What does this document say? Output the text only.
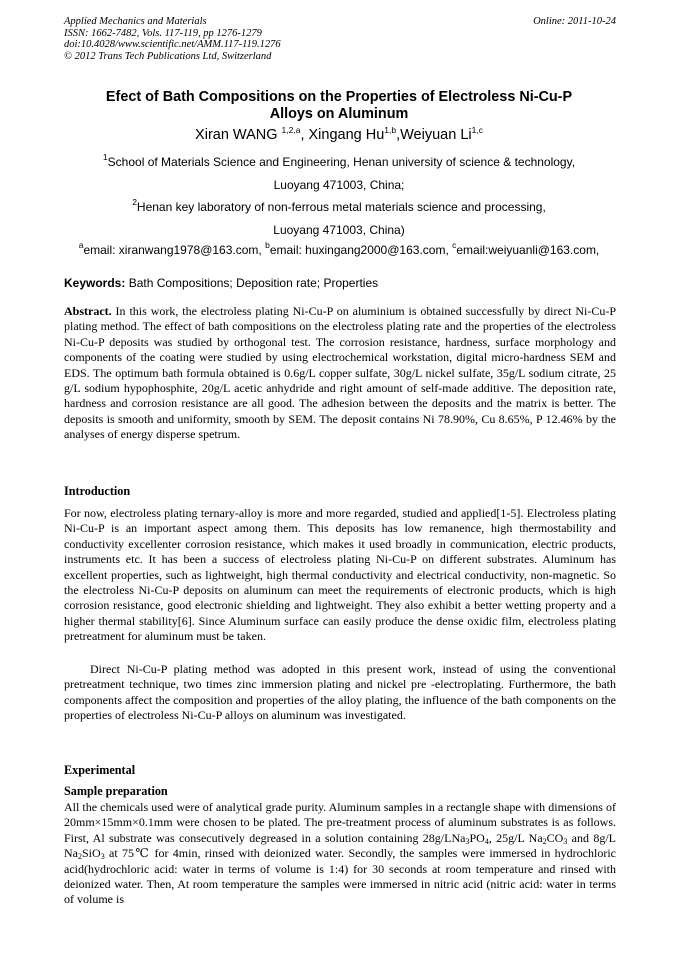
Applied Mechanics and Materials
ISSN: 1662-7482, Vols. 117-119, pp 1276-1279
doi:10.4028/www.scientific.net/AMM.117-119.1276
© 2012 Trans Tech Publications Ltd, Switzerland
Online: 2011-10-24
Efect of Bath Compositions on the Properties of Electroless Ni-Cu-P
Alloys on Aluminum
Xiran WANG $^{1,2,a}$, Xingang Hu$^{1,b}$,Weiyuan Li$^{1,c}$
$^1$School of Materials Science and Engineering, Henan university of science & technology,
Luoyang 471003, China;
$^2$Henan key laboratory of non-ferrous metal materials science and processing,
Luoyang 471003, China)
$^a$email: xiranwang1978@163.com, $^b$email: huxingang2000@163.com, $^c$email:weiyuanli@163.com,
Keywords: Bath Compositions; Deposition rate; Properties
Abstract. In this work, the electroless plating Ni-Cu-P on aluminium is obtained successfully by direct Ni-Cu-P plating method. The effect of bath compositions on the electroless plating rate and the properties of the electroless Ni-Cu-P deposits was studied by orthogonal test. The corrosion resistance, hardness, surface morphology and components of the coating were studied by using electrochemical workstation, digital micro-hardness SEM and EDS. The optimum bath formula obtained is 0.6g/L copper sulfate, 30g/L nickel sulfate, 35g/L sodium citrate, 25 g/L sodium hypophosphite, 20g/L acetic anhydride and right amount of self-made additive. The deposition rate, hardness and corrosion resistance are all good. The adhesion between the deposits and the matrix is better. The deposits is smooth and uniformity, smooth by SEM. The deposit contains Ni 78.90%, Cu 8.65%, P 12.46% by the analyses of energy disperse spetrum.
Introduction
For now, electroless plating ternary-alloy is more and more regarded, studied and applied[1-5]. Electroless plating Ni-Cu-P is an important aspect among them. This deposits has low remanence, high thermostability and conductivity excellenter corrosion resistance, which makes it used broadly in communication, electric products, instruments etc. It has been a success of electroless plating Ni-Cu-P on different substrates. Aluminum has excellent properties, such as lightweight, high thermal conductivity and electrical conductivity, non-magnetic. So the electroless Ni-Cu-P deposits on aluminum can meet the requirements of electronic products, which is high corrosion resistance, good electronic shielding and lightweight. They also exhibit a better wetting property and a higher thermal stability[6]. Since Aluminum surface can easily produce the dense oxidic film, electroless plating pretreatment for aluminum must be taken.
Direct Ni-Cu-P plating method was adopted in this present work, instead of using the conventional pretreatment technique, two times zinc immersion plating and nickel pre -electroplating. Furthermore, the bath components affect the composition and properties of the alloy plating, the influence of the bath components on the properties of electroless Ni-Cu-P alloys on aluminum was investigated.
Experimental
Sample preparation
All the chemicals used were of analytical grade purity. Aluminum samples in a rectangle shape with dimensions of 20mm×15mm×0.1mm were chosen to be plated. The pre-treatment process of aluminum substrates is as follows. First, Al substrate was consecutively degreased in a solution containing $28g/LNa_3PO_4$, 25g/L $Na_2CO_3$ and 8g/L $Na_2SiO_3$ at 75℃ for 4min, rinsed with deionized water. Secondly, the samples were immersed in hydrochloric acid(hydrochloric acid: water in terms of volume is 1:4) for 30 seconds at room temperature and rinsed with deionized water. Then, At room temperature the samples were immersed in nitric acid (nitric acid: water in terms of volume is
